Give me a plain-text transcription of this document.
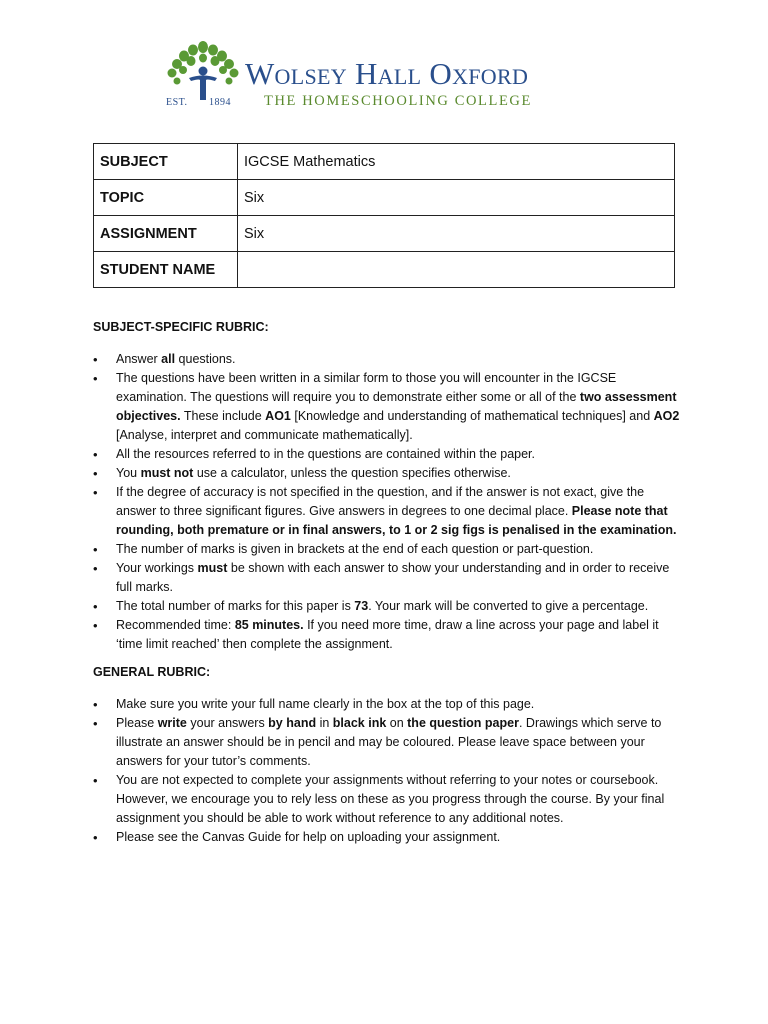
EST. 1894
Wolsey Hall Oxford
THE HOMESCHOOLING COLLEGE
SUBJECT	IGCSE Mathematics
TOPIC	Six
ASSIGNMENT	Six
STUDENT NAME	

SUBJECT-SPECIFIC RUBRIC:

• Answer all questions.
• The questions have been written in a similar form to those you will encounter in the IGCSE examination. The questions will require you to demonstrate either some or all of the two assessment objectives. These include AO1 [Knowledge and understanding of mathematical techniques] and AO2 [Analyse, interpret and communicate mathematically].
• All the resources referred to in the questions are contained within the paper.
• You must not use a calculator, unless the question specifies otherwise.
• If the degree of accuracy is not specified in the question, and if the answer is not exact, give the answer to three significant figures. Give answers in degrees to one decimal place. Please note that rounding, both premature or in final answers, to 1 or 2 sig figs is penalised in the examination.
• The number of marks is given in brackets at the end of each question or part-question.
• Your workings must be shown with each answer to show your understanding and in order to receive full marks.
• The total number of marks for this paper is 73. Your mark will be converted to give a percentage.
• Recommended time: 85 minutes. If you need more time, draw a line across your page and label it ‘time limit reached’ then complete the assignment.

GENERAL RUBRIC:

• Make sure you write your full name clearly in the box at the top of this page.
• Please write your answers by hand in black ink on the question paper. Drawings which serve to illustrate an answer should be in pencil and may be coloured. Please leave space between your answers for your tutor’s comments.
• You are not expected to complete your assignments without referring to your notes or coursebook. However, we encourage you to rely less on these as you progress through the course. By your final assignment you should be able to work without reference to any additional notes.
• Please see the Canvas Guide for help on uploading your assignment.
